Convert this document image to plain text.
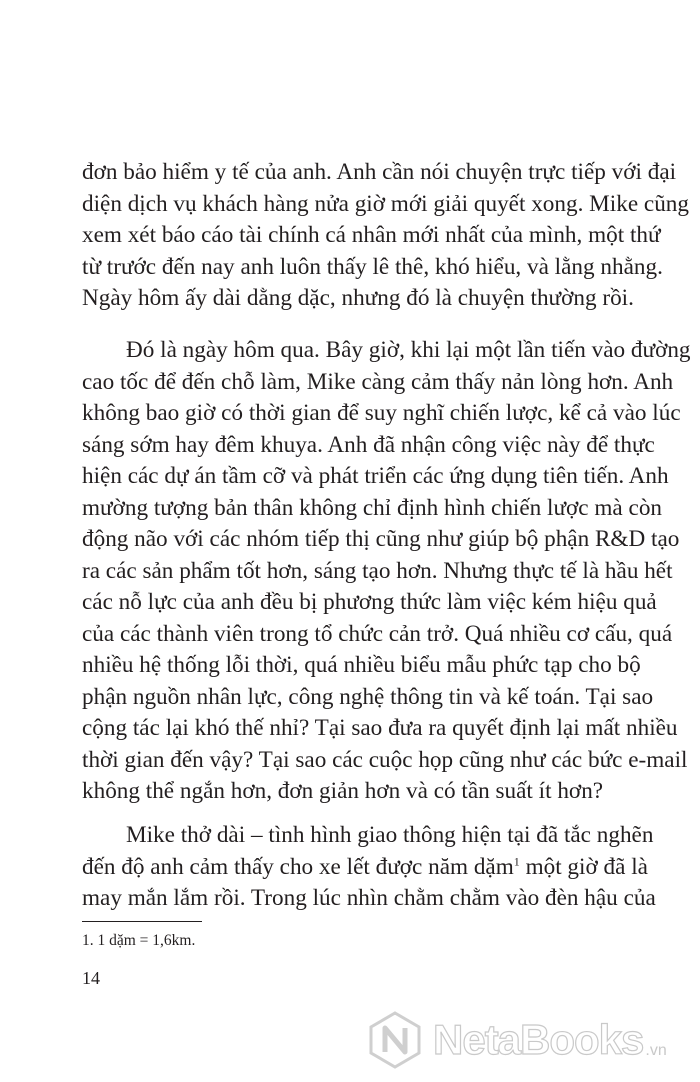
đơn bảo hiểm y tế của anh. Anh cần nói chuyện trực tiếp với đại
diện dịch vụ khách hàng nửa giờ mới giải quyết xong. Mike cũng
xem xét báo cáo tài chính cá nhân mới nhất của mình, một thứ
từ trước đến nay anh luôn thấy lê thê, khó hiểu, và lằng nhằng.
Ngày hôm ấy dài dằng dặc, nhưng đó là chuyện thường rồi.
Đó là ngày hôm qua. Bây giờ, khi lại một lần tiến vào đường
cao tốc để đến chỗ làm, Mike càng cảm thấy nản lòng hơn. Anh
không bao giờ có thời gian để suy nghĩ chiến lược, kể cả vào lúc
sáng sớm hay đêm khuya. Anh đã nhận công việc này để thực
hiện các dự án tầm cỡ và phát triển các ứng dụng tiên tiến. Anh
mường tượng bản thân không chỉ định hình chiến lược mà còn
động não với các nhóm tiếp thị cũng như giúp bộ phận R&D tạo
ra các sản phẩm tốt hơn, sáng tạo hơn. Nhưng thực tế là hầu hết
các nỗ lực của anh đều bị phương thức làm việc kém hiệu quả
của các thành viên trong tổ chức cản trở. Quá nhiều cơ cấu, quá
nhiều hệ thống lỗi thời, quá nhiều biểu mẫu phức tạp cho bộ
phận nguồn nhân lực, công nghệ thông tin và kế toán. Tại sao
cộng tác lại khó thế nhỉ? Tại sao đưa ra quyết định lại mất nhiều
thời gian đến vậy? Tại sao các cuộc họp cũng như các bức e-mail
không thể ngắn hơn, đơn giản hơn và có tần suất ít hơn?
Mike thở dài – tình hình giao thông hiện tại đã tắc nghẽn
đến độ anh cảm thấy cho xe lết được năm dặm$^1$ một giờ đã là
may mắn lắm rồi. Trong lúc nhìn chằm chằm vào đèn hậu của
1. 1 dặm = 1,6km.
14
NetaBooks .vn
